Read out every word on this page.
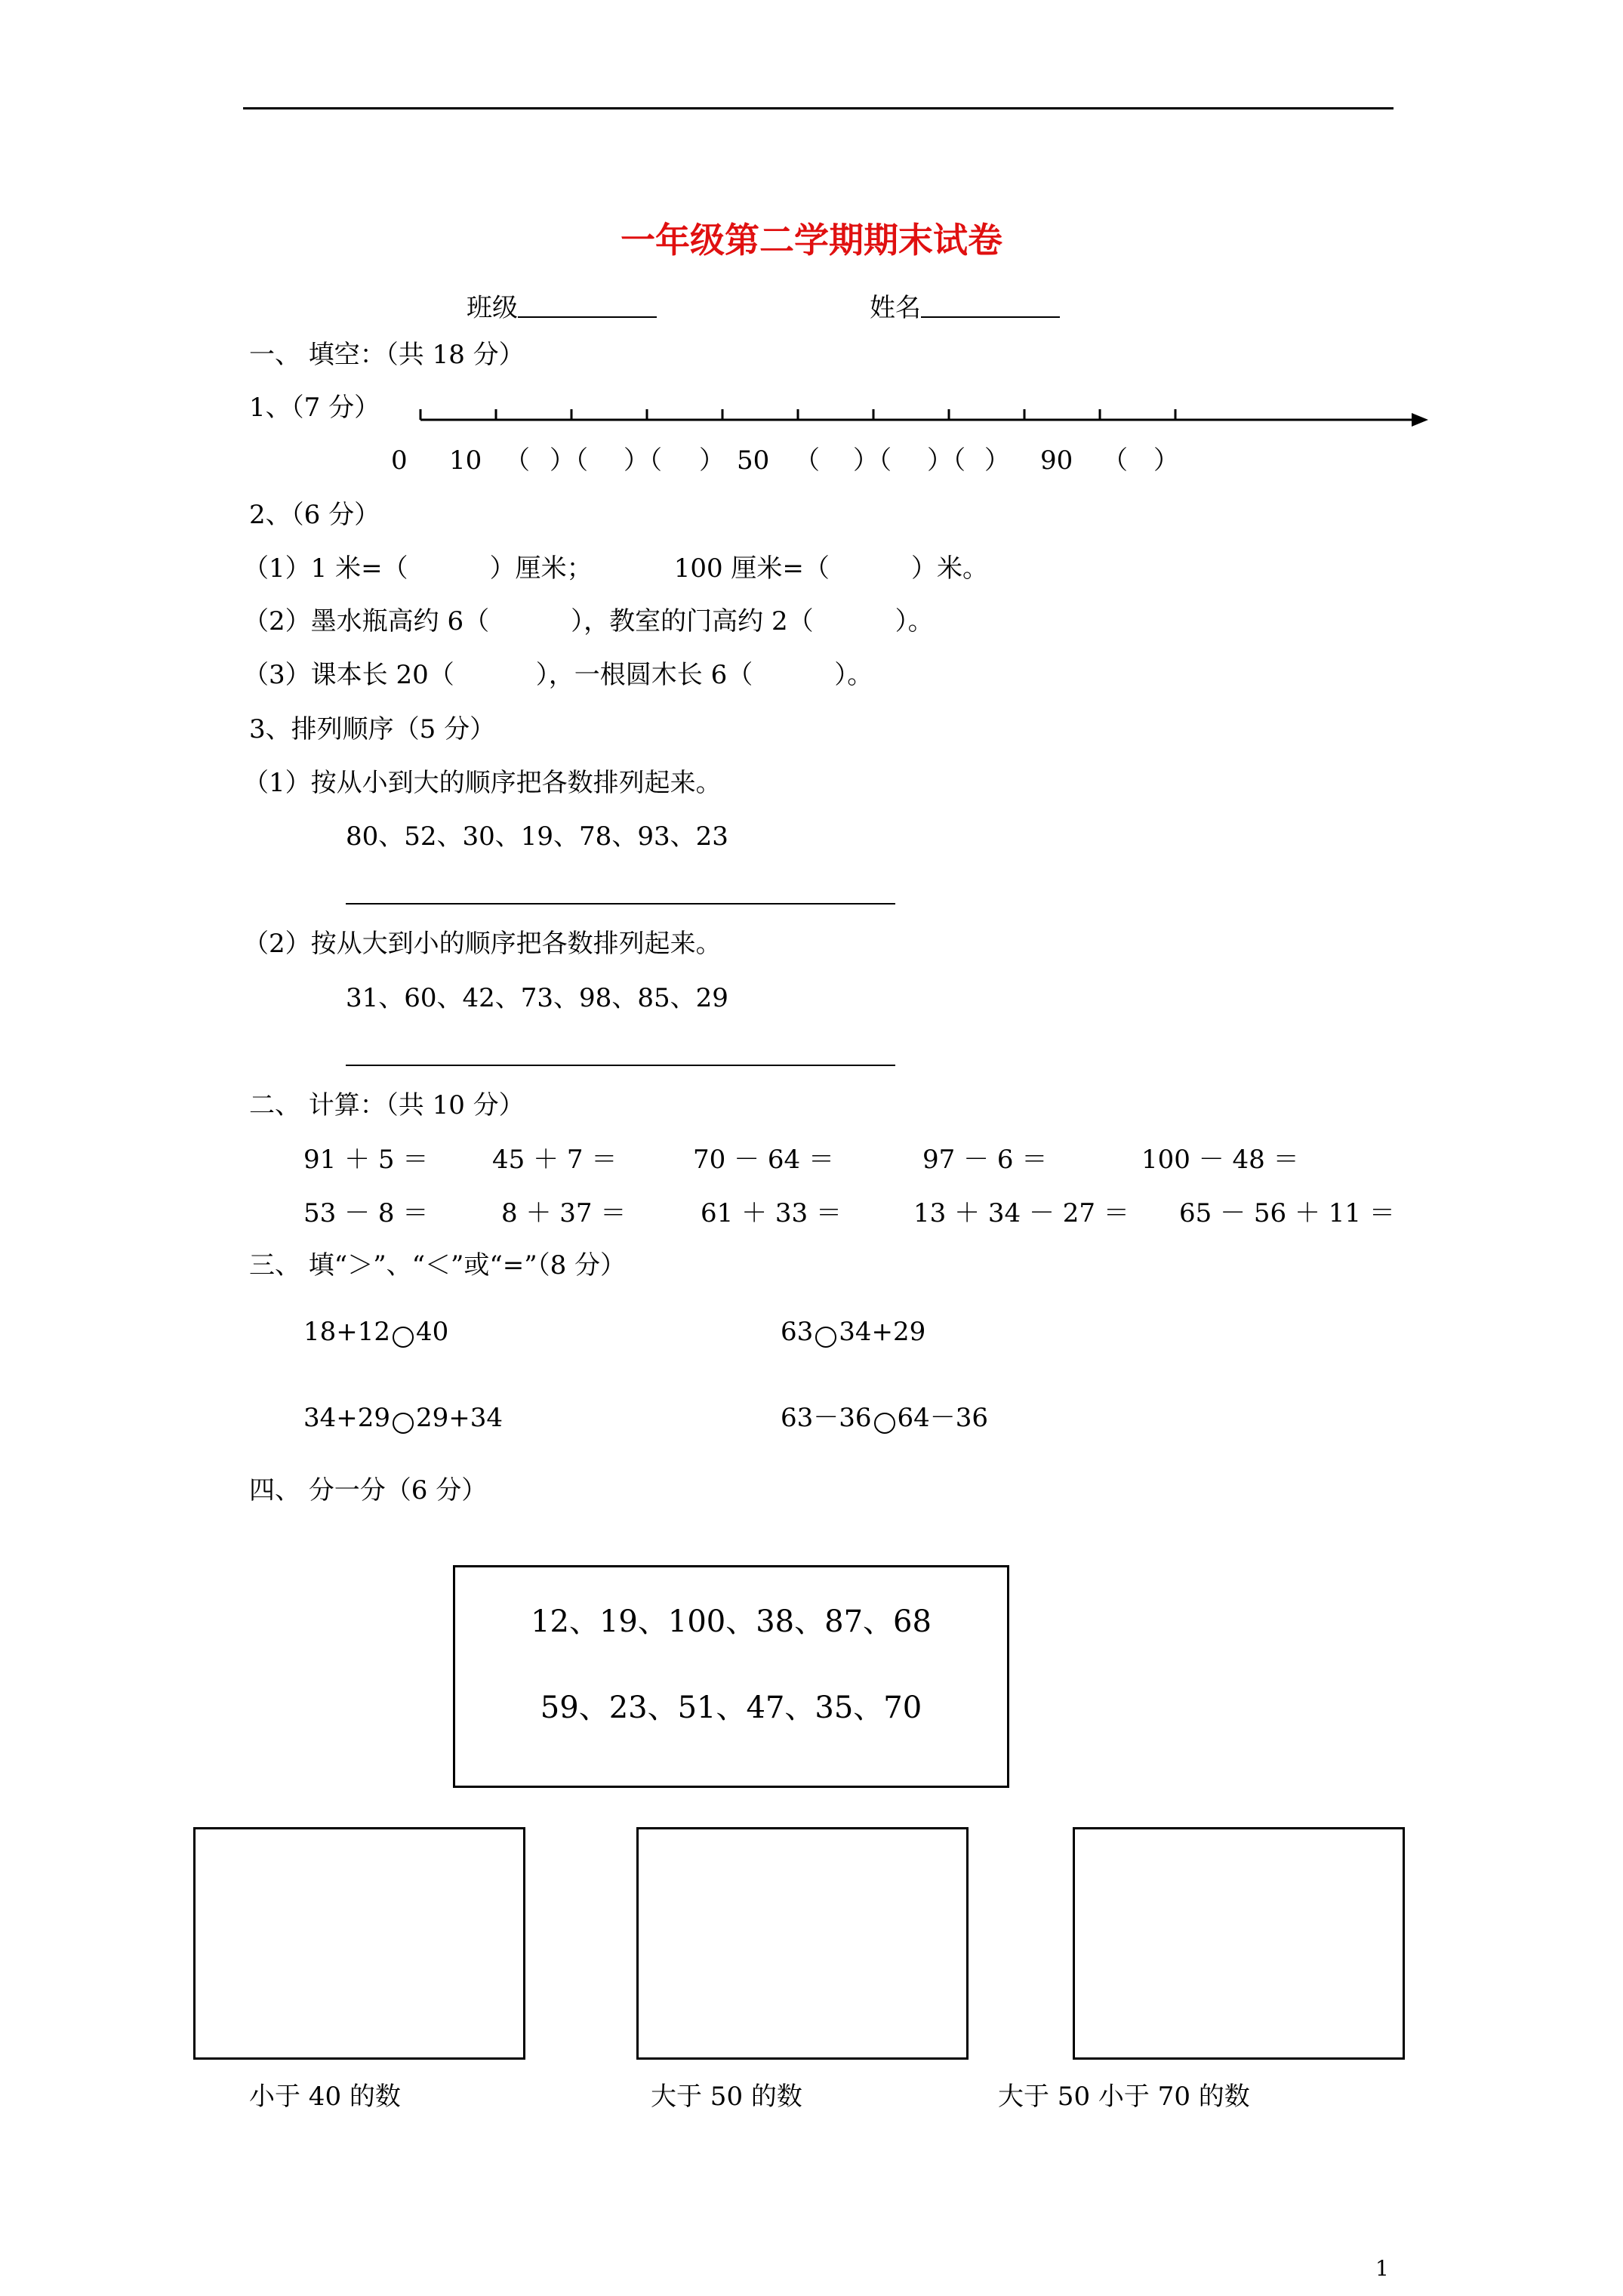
一年级第二学期期末试卷
班级	姓名
一、 填空：（共 18 分）
1、（7 分）
0 10 （ ）（ ）（ ） 50 （ ）（ ）（ ） 90 （ ）
2、（6 分）
（1）1 米=（          ）厘米；          100 厘米=（          ）米。
（2）墨水瓶高约 6（          ），教室的门高约 2（          ）。
（3）课本长 20（          ），一根圆木长 6（          ）。
3、排列顺序（5 分）
（1）按从小到大的顺序把各数排列起来。
80、52、30、19、78、93、23
（2）按从大到小的顺序把各数排列起来。
31、60、42、73、98、85、29
二、 计算：（共 10 分）
91 ＋ 5 ＝ 45 ＋ 7 ＝	70 － 64 ＝	97 － 6 ＝	100 － 48 ＝
53 － 8 ＝	8 ＋ 37 ＝	61 ＋ 33 ＝	13 ＋ 34 － 27 ＝ 65 － 56 ＋ 11 ＝
三、 填“＞”、“＜”或“=”（8 分）
18+12 40	63 34+29
34+29 29+34	63－36 64－36
四、 分一分（6 分）
12、19、100、38、87、68
59、23、51、47、35、70
小于 40 的数	大于 50 的数	大于 50 小于 70 的数
1
